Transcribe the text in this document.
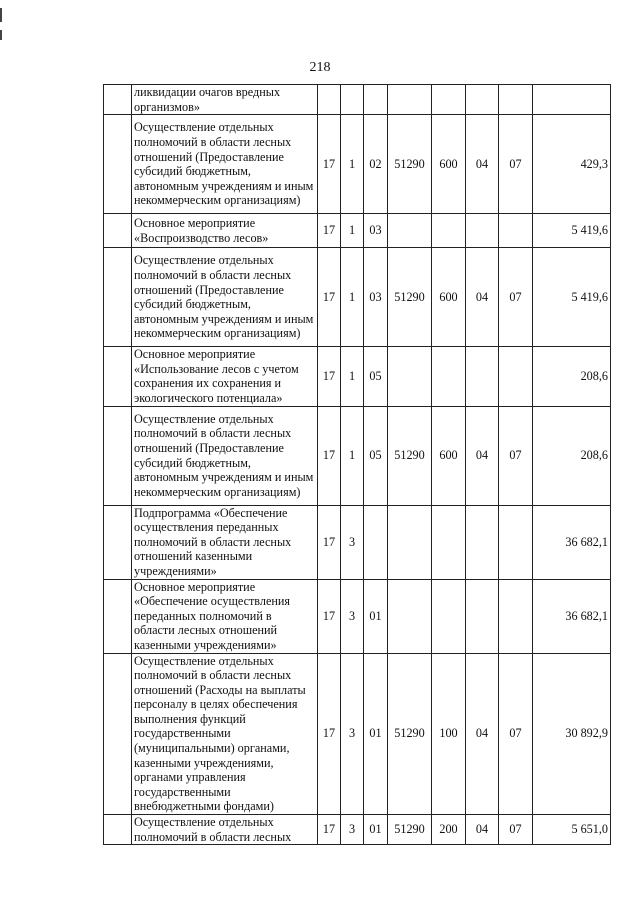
218
	ликвидации очагов вредных организмов»								
	Осуществление отдельных полномочий в области лесных отношений (Предоставление субсидий бюджетным, автономным учреждениям и иным некоммерческим организациям)	17	1	02	51290	600	04	07	429,3
	Основное мероприятие «Воспроизводство лесов»	17	1	03					5 419,6
	Осуществление отдельных полномочий в области лесных отношений (Предоставление субсидий бюджетным, автономным учреждениям и иным некоммерческим организациям)	17	1	03	51290	600	04	07	5 419,6
	Основное мероприятие «Использование лесов с учетом сохранения их сохранения и экологического потенциала»	17	1	05					208,6
	Осуществление отдельных полномочий в области лесных отношений (Предоставление субсидий бюджетным, автономным учреждениям и иным некоммерческим организациям)	17	1	05	51290	600	04	07	208,6
	Подпрограмма «Обеспечение осуществления переданных полномочий в области лесных отношений казенными учреждениями»	17	3						36 682,1
	Основное мероприятие «Обеспечение осуществления переданных полномочий в области лесных отношений казенными учреждениями»	17	3	01					36 682,1
	Осуществление отдельных полномочий в области лесных отношений (Расходы на выплаты персоналу в целях обеспечения выполнения функций государственными (муниципальными) органами, казенными учреждениями, органами управления государственными внебюджетными фондами)	17	3	01	51290	100	04	07	30 892,9
	Осуществление отдельных полномочий в области лесных	17	3	01	51290	200	04	07	5 651,0
